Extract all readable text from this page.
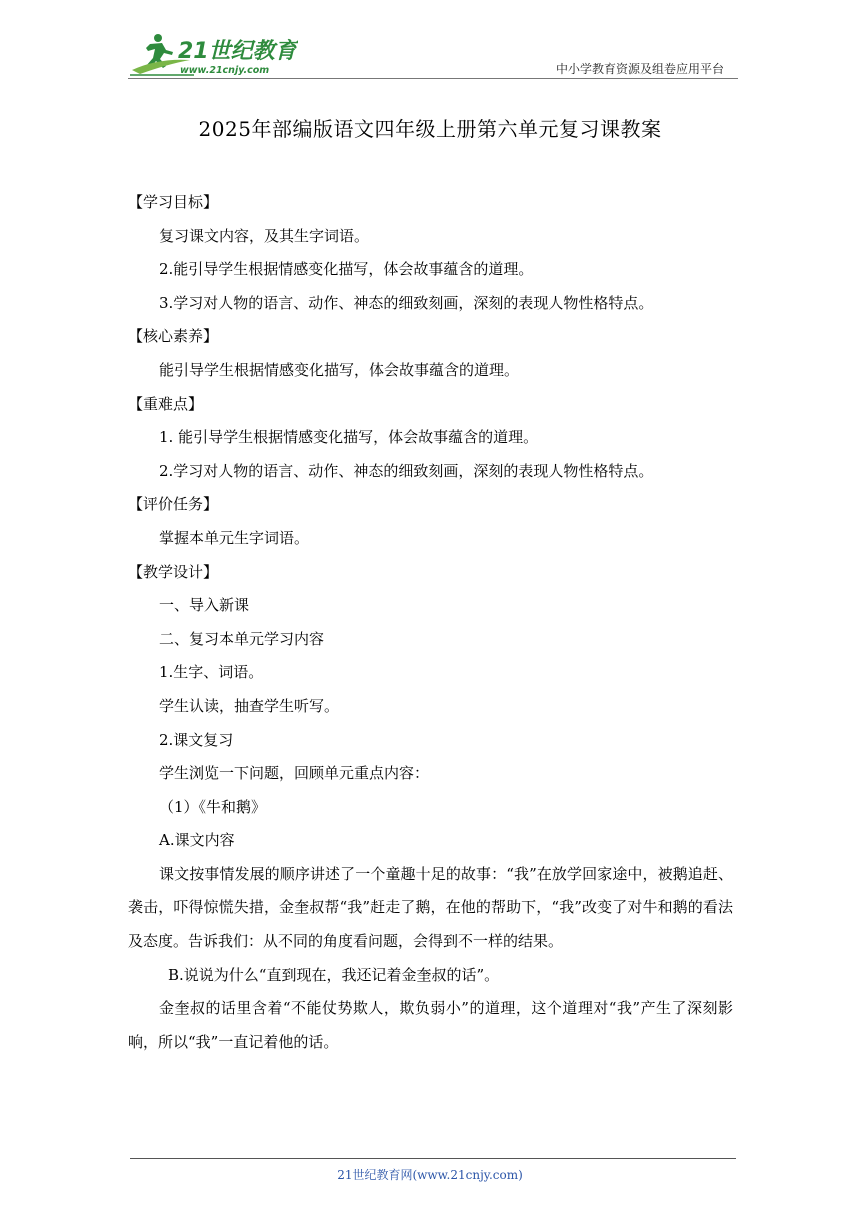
21世纪教育
www.21cnjy.com	中小学教育资源及组卷应用平台
2025年部编版语文四年级上册第六单元复习课教案
【学习目标】
复习课文内容，及其生字词语。
2.能引导学生根据情感变化描写，体会故事蕴含的道理。
3.学习对人物的语言、动作、神态的细致刻画，深刻的表现人物性格特点。
【核心素养】
能引导学生根据情感变化描写，体会故事蕴含的道理。
【重难点】
1. 能引导学生根据情感变化描写，体会故事蕴含的道理。
2.学习对人物的语言、动作、神态的细致刻画，深刻的表现人物性格特点。
【评价任务】
掌握本单元生字词语。
【教学设计】
一、导入新课
二、复习本单元学习内容
1.生字、词语。
学生认读，抽查学生听写。
2.课文复习
学生浏览一下问题，回顾单元重点内容：
（1）《牛和鹅》
A.课文内容

课文按事情发展的顺序讲述了一个童趣十足的故事：“我”在放学回家途中，被鹅追赶、袭击，吓得惊慌失措，金奎叔帮“我”赶走了鹅，在他的帮助下，“我”改变了对牛和鹅的看法及态度。告诉我们：从不同的角度看问题，会得到不一样的结果。

B.说说为什么“直到现在，我还记着金奎叔的话”。

金奎叔的话里含着“不能仗势欺人，欺负弱小”的道理，这个道理对“我”产生了深刻影响，所以“我”一直记着他的话。

21世纪教育网(www.21cnjy.com)
